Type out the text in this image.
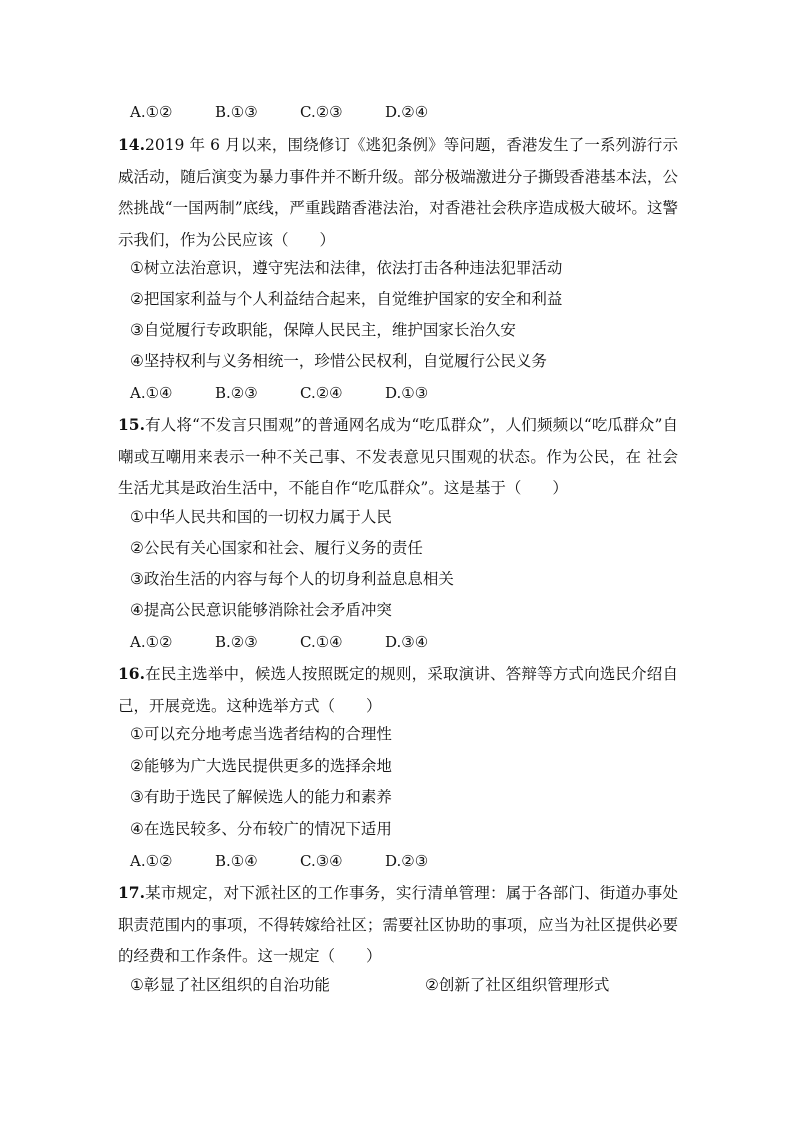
A.①②	B.①③	C.②③	D.②④
14.2019 年 6 月以来，围绕修订《逃犯条例》等问题，香港发生了一系列游行示威活动，随后演变为暴力事件并不断升级。部分极端激进分子撕毁香港基本法，公然挑战“一国两制”底线，严重践踏香港法治，对香港社会秩序造成极大破坏。这警示我们，作为公民应该（　　）
①树立法治意识，遵守宪法和法律，依法打击各种违法犯罪活动
②把国家利益与个人利益结合起来，自觉维护国家的安全和利益
③自觉履行专政职能，保障人民民主，维护国家长治久安
④坚持权利与义务相统一，珍惜公民权利，自觉履行公民义务
A.①④	B.②③	C.②④	D.①③
15.有人将“不发言只围观”的普通网名成为“吃瓜群众”，人们频频以“吃瓜群众”自嘲或互嘲用来表示一种不关己事、不发表意见只围观的状态。作为公民，在 社会生活尤其是政治生活中，不能自作“吃瓜群众”。这是基于（　　）
①中华人民共和国的一切权力属于人民
②公民有关心国家和社会、履行义务的责任
③政治生活的内容与每个人的切身利益息息相关
④提高公民意识能够消除社会矛盾冲突
A.①②	B.②③	C.①④	D.③④
16.在民主选举中，候选人按照既定的规则，采取演讲、答辩等方式向选民介绍自己，开展竞选。这种选举方式（　　）
①可以充分地考虑当选者结构的合理性
②能够为广大选民提供更多的选择余地
③有助于选民了解候选人的能力和素养
④在选民较多、分布较广的情况下适用
A.①②	B.①④	C.③④	D.②③
17.某市规定，对下派社区的工作事务，实行清单管理：属于各部门、街道办事处职责范围内的事项，不得转嫁给社区；需要社区协助的事项，应当为社区提供必要的经费和工作条件。这一规定（　　）
①彰显了社区组织的自治功能	②创新了社区组织管理形式
